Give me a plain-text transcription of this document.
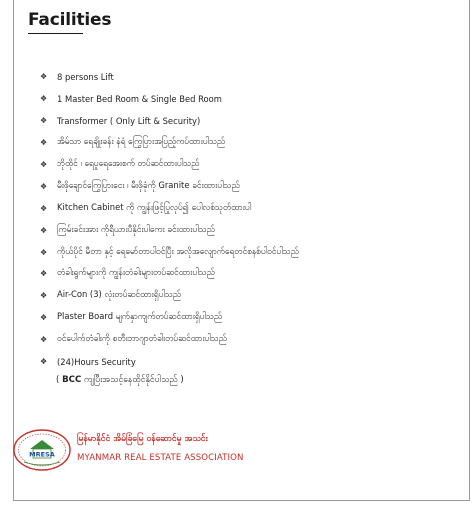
Facilities
❖	8 persons Lift
❖	1 Master Bed Room & Single Bed Room
❖	Transformer ( Only Lift & Security)
❖	အိမ်သာ ရေချိုးခန်း နံရံ ကြွေပြားအပြည့်ကပ်ထားပါသည်
❖	ဘိုထိုင် ၊ ရေပူရေအေးစက် တပ်ဆင်ထားပါသည်
❖	မီးဖိုချောင်ကြွေပြားငေး ၊ မီးဖိုခုံကို Granite ခင်းထားပါသည်
❖	Kitchen Cabinet ကို ကျွန်းဖြင့်ပြုလုပ်၍ ပေါလစ်သုတ်ထားပါ
❖	ကြမ်းခင်းအား ကိုရီယားပီနိုင်းပါကေး ခင်းထားပါသည်
❖	ကိုယ်ပိုင် မီတာ နှင့် ရေမော်တာပါဝင်ပြီး အလိုအလျောက်ရေတင်စနစ်ပါဝင်ပါသည်
❖	တံခါးရွက်များကို ကျွန်းတံခါးများတပ်ဆင်ထားပါသည်
❖	Air-Con (3) လုံးတပ်ဆင်ထားရှိပါသည်
❖	Plaster Board မျက်နှာကျက်တပ်ဆင်ထားရှိပါသည်
❖	ဝင်ပေါက်တံခါးကို စတီးဘာဂျာတံခါးတပ်ဆင်ထားပါသည်
❖	(24)Hours Security
( BCC ကျပြီးအသင့်နေထိုင်နိုင်ပါသည် )
MRESA
မြန်မာနိုင်ငံ အိမ်ခြံမြေ ဝန်ဆောင်မှု အသင်း
MYANMAR REAL ESTATE ASSOCIATION
